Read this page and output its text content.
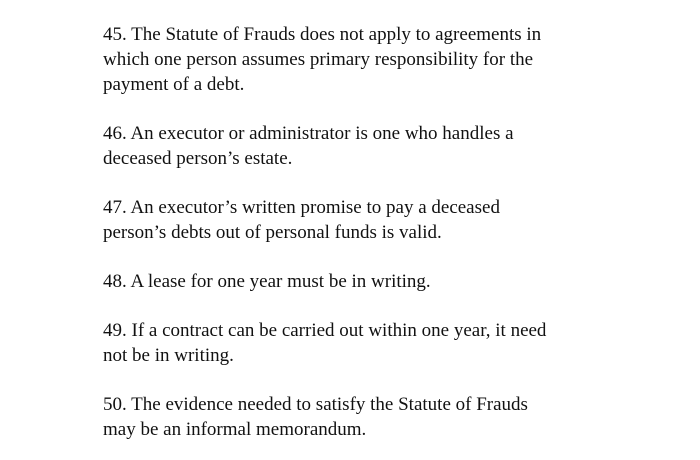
45. The Statute of Frauds does not apply to agreements in
which one person assumes primary responsibility for the
payment of a debt.

46. An executor or administrator is one who handles a
deceased person’s estate.

47. An executor’s written promise to pay a deceased
person’s debts out of personal funds is valid.

48. A lease for one year must be in writing.

49. If a contract can be carried out within one year, it need
not be in writing.

50. The evidence needed to satisfy the Statute of Frauds
may be an informal memorandum.
